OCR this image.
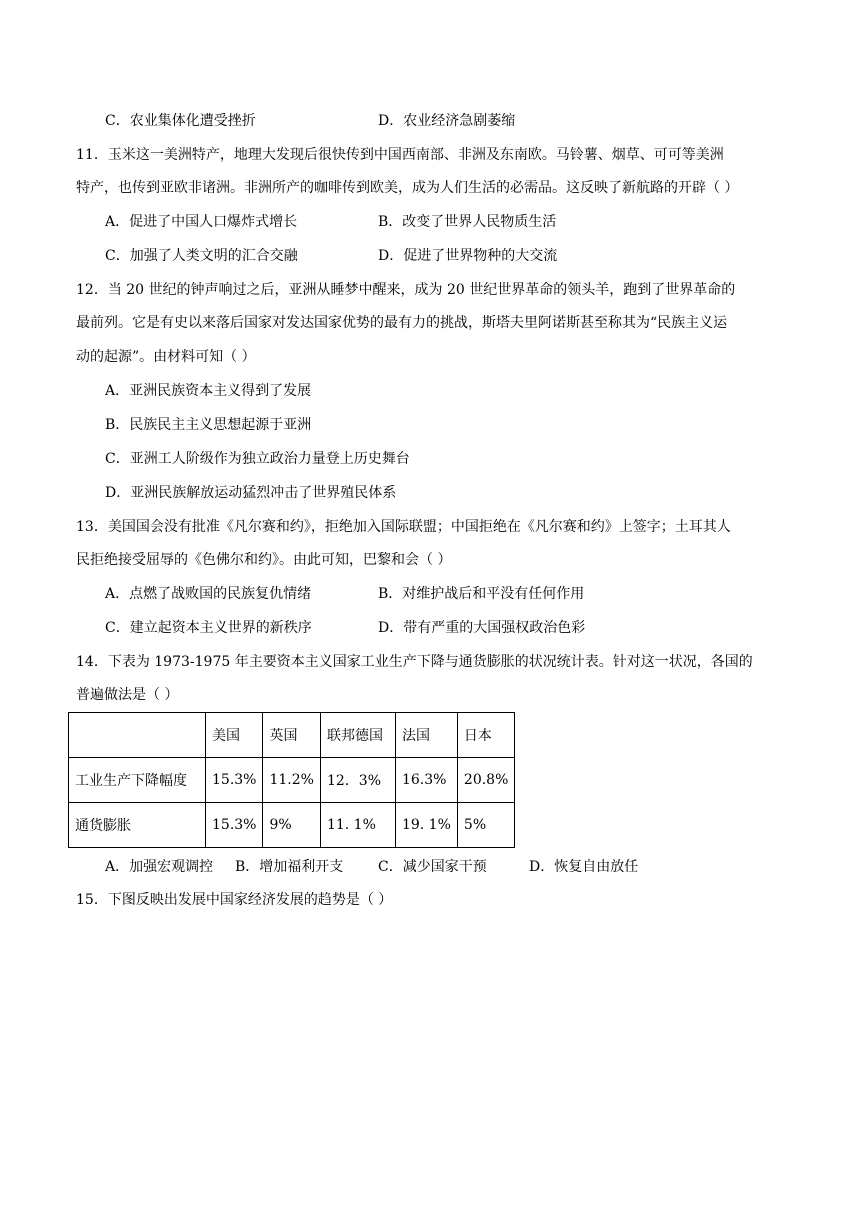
C．农业集体化遭受挫折	D．农业经济急剧萎缩
11．玉米这一美洲特产，地理大发现后很快传到中国西南部、非洲及东南欧。马铃薯、烟草、可可等美洲
特产，也传到亚欧非诸洲。非洲所产的咖啡传到欧美，成为人们生活的必需品。这反映了新航路的开辟（ ）
A．促进了中国人口爆炸式增长	B．改变了世界人民物质生活
C．加强了人类文明的汇合交融	D．促进了世界物种的大交流
12．当 20 世纪的钟声响过之后，亚洲从睡梦中醒来，成为 20 世纪世界革命的领头羊，跑到了世界革命的
最前列。它是有史以来落后国家对发达国家优势的最有力的挑战，斯塔夫里阿诺斯甚至称其为“民族主义运
动的起源”。由材料可知（ ）
A．亚洲民族资本主义得到了发展
B．民族民主主义思想起源于亚洲
C．亚洲工人阶级作为独立政治力量登上历史舞台
D．亚洲民族解放运动猛烈冲击了世界殖民体系
13．美国国会没有批准《凡尔赛和约》，拒绝加入国际联盟；中国拒绝在《凡尔赛和约》上签字；土耳其人
民拒绝接受屈辱的《色佛尔和约》。由此可知，巴黎和会（ ）
A．点燃了战败国的民族复仇情绪	B．对维护战后和平没有任何作用
C．建立起资本主义世界的新秩序	D．带有严重的大国强权政治色彩
14．下表为 1973-1975 年主要资本主义国家工业生产下降与通货膨胀的状况统计表。针对这一状况，各国的
普遍做法是（ ）
	美国	英国	联邦德国	法国	日本
工业生产下降幅度	15.3%	11.2%	12．3%	16.3%	20.8%
通货膨胀	15.3%	9%	11. 1%	19. 1%	5%
A．加强宏观调控 B．增加福利开支 C．减少国家干预	D．恢复自由放任
15．下图反映出发展中国家经济发展的趋势是（ ）
